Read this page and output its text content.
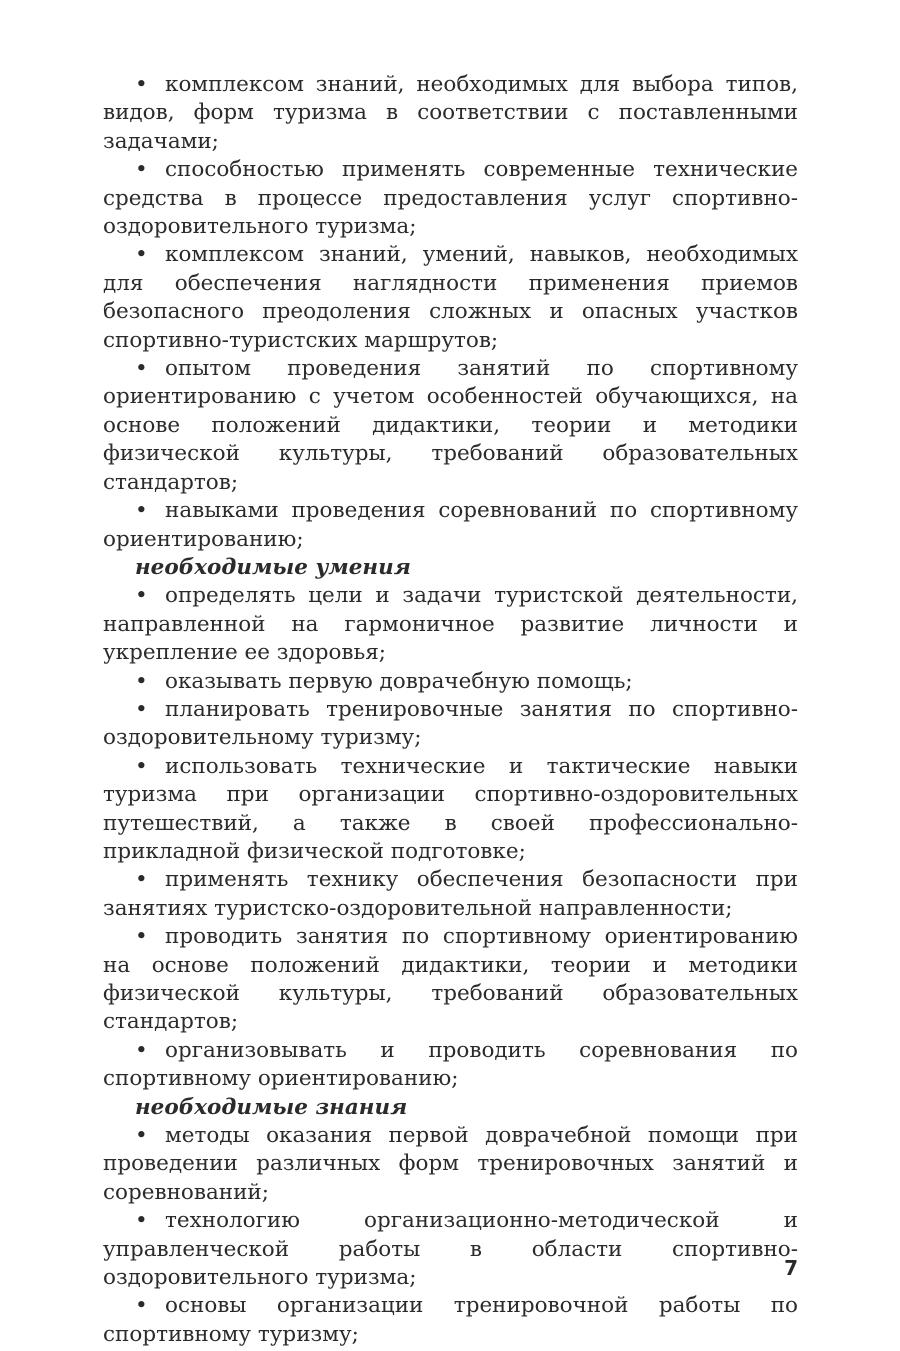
• комплексом знаний, необходимых для выбора типов, видов, форм туризма в соответствии с поставленными задачами;

• способностью применять современные технические средства в процессе предоставления услуг спортивно-оздоровительного туризма;

• комплексом знаний, умений, навыков, необходимых для обеспечения наглядности применения приемов безопасного преодоления сложных и опасных участков спортивно-туристских маршрутов;

• опытом проведения занятий по спортивному ориентированию с учетом особенностей обучающихся, на основе положений дидактики, теории и методики физической культуры, требований образовательных стандартов;

• навыками проведения соревнований по спортивному ориентированию;

необходимые умения

• определять цели и задачи туристской деятельности, направленной на гармоничное развитие личности и укрепление ее здоровья;

• оказывать первую доврачебную помощь;

• планировать тренировочные занятия по спортивно-оздоровительному туризму;

• использовать технические и тактические навыки туризма при организации спортивно-оздоровительных путешествий, а также в своей профессионально-прикладной физической подготовке;

• применять технику обеспечения безопасности при занятиях туристско-оздоровительной направленности;

• проводить занятия по спортивному ориентированию на основе положений дидактики, теории и методики физической культуры, требований образовательных стандартов;

• организовывать и проводить соревнования по спортивному ориентированию;

необходимые знания

• методы оказания первой доврачебной помощи при проведении различных форм тренировочных занятий и соревнований;

• технологию организационно-методической и управленческой работы в области спортивно-оздоровительного туризма;

• основы организации тренировочной работы по спортивному туризму;

7
